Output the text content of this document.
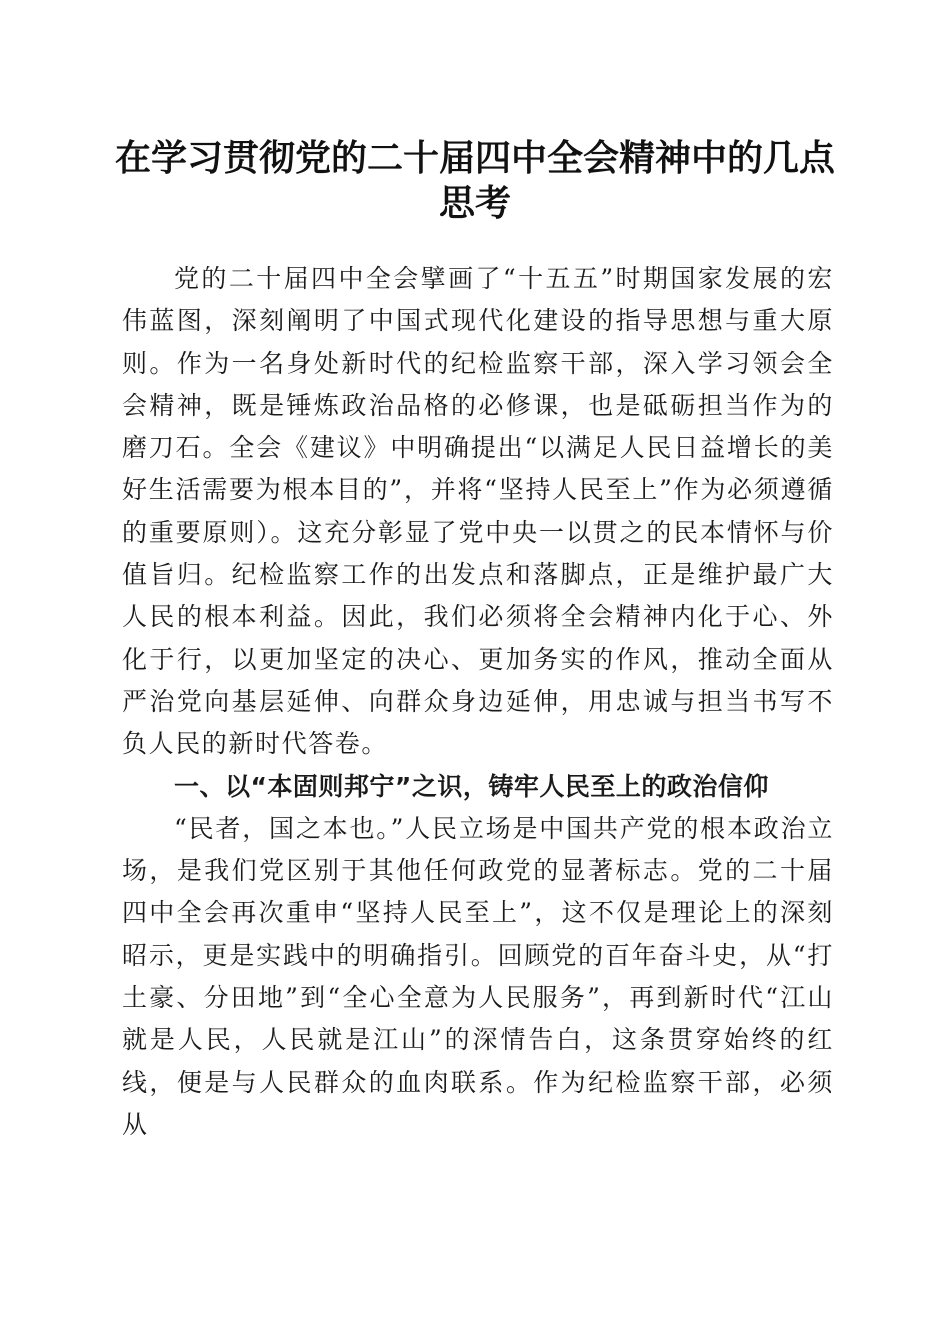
在学习贯彻党的二十届四中全会精神中的几点思考

党的二十届四中全会擘画了“十五五”时期国家发展的宏伟蓝图，深刻阐明了中国式现代化建设的指导思想与重大原则。作为一名身处新时代的纪检监察干部，深入学习领会全会精神，既是锤炼政治品格的必修课，也是砥砺担当作为的磨刀石。全会《建议》中明确提出“以满足人民日益增长的美好生活需要为根本目的”，并将“坚持人民至上”作为必须遵循的重要原则）。这充分彰显了党中央一以贯之的民本情怀与价值旨归。纪检监察工作的出发点和落脚点，正是维护最广大人民的根本利益。因此，我们必须将全会精神内化于心、外化于行，以更加坚定的决心、更加务实的作风，推动全面从严治党向基层延伸、向群众身边延伸，用忠诚与担当书写不负人民的新时代答卷。

一、以“本固则邦宁”之识，铸牢人民至上的政治信仰

“民者，国之本也。”人民立场是中国共产党的根本政治立场，是我们党区别于其他任何政党的显著标志。党的二十届四中全会再次重申“坚持人民至上”，这不仅是理论上的深刻昭示，更是实践中的明确指引。回顾党的百年奋斗史，从“打土豪、分田地”到“全心全意为人民服务”，再到新时代“江山就是人民，人民就是江山”的深情告白，这条贯穿始终的红线，便是与人民群众的血肉联系。作为纪检监察干部，必须从
